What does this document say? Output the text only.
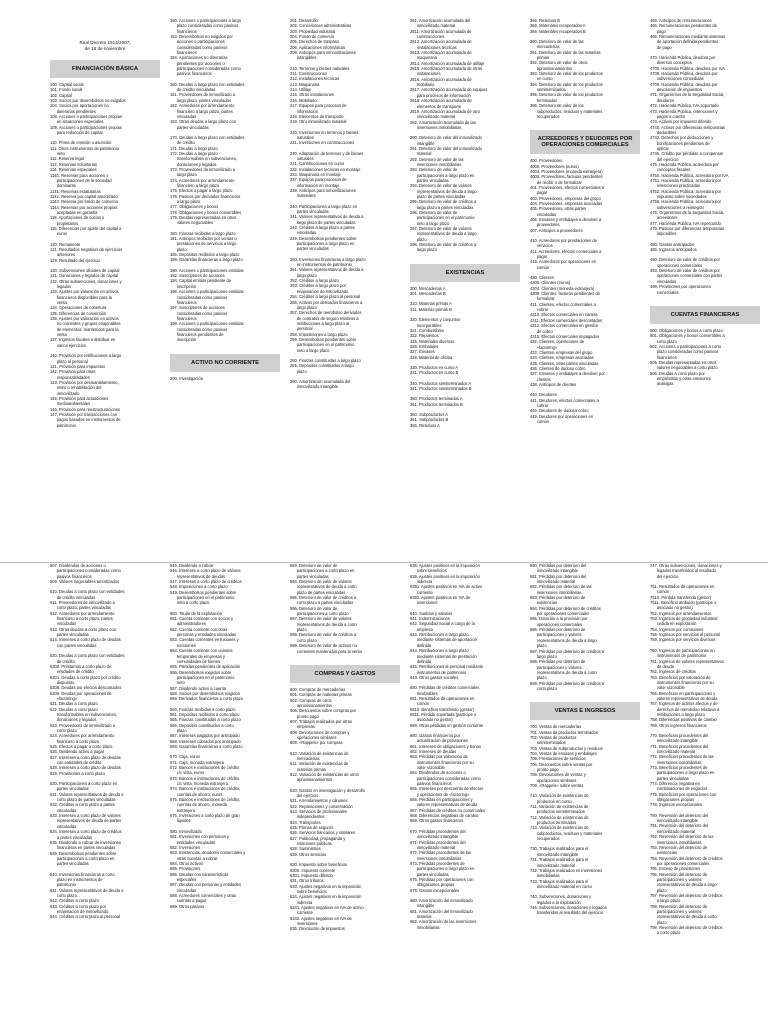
Real Decreto 1514/2007,
de 16 de noviembre
FINANCIACIÓN BÁSICA
100. Capital social
101. Fondo social
102. Capital
103. Socios por desembolsos no exigidos
104. Socios por aportaciones no
dinerarias pendientes
108. Acciones o participaciones propias
en situaciones especiales
109. Acciones o participaciones propias
para reducción de capital
110. Prima de emisión o asunción
111. Otros instrumentos de patrimonio
neto
112. Reserva legal
113. Reservas voluntarias
114. Reservas especiales
1140. Reservas para acciones o
participaciones de la sociedad
dominante
1141. Reservas estatutarias
1142. Reserva por capital amortizado
1143. Reserva por fondo de comercio
1144. Reservas por acciones propias
aceptadas en garantía
118. Aportaciones de socios o
propietarios
119. Diferencias por ajuste del capital a
euros
120. Remanente
121. Resultados negativos de ejercicios
anteriores
129. Resultado del ejercicio
130. Subvenciones oficiales de capital
131. Donaciones y legados de capital
132. Otras subvenciones, donaciones y
legados
133. Ajustes por valoración en activos
financieros disponibles para la
venta
134. Operaciones de cobertura
135. Diferencias de conversión
136. Ajustes por valoración en activos
no corrientes y grupos enajenables
de elementos, mantenidos para la
venta
137. Ingresos fiscales a distribuir en
varios ejercicios
140. Provisión por retribuciones a largo
plazo al personal
141. Provisión para impuestos
142. Provisión para otras
responsabilidades
143. Provisión por desmantelamiento,
retiro o rehabilitación del
inmovilizado
145. Provisión para actuaciones
medioambientales
146. Provisión para reestructuraciones
147. Provisión por transacciones con
pagos basados en instrumentos de
patrimonio
150. Acciones o participaciones a largo
plazo consideradas como pasivos
financieros
153. Desembolsos no exigidos por
acciones o participaciones
consideradas como pasivos
financieros
154. Aportaciones no dinerarias
pendientes por acciones o
participaciones consideradas como
pasivos financieros
160. Deudas a largo plazo con entidades
de crédito vinculadas
161. Proveedores de inmovilizado a
largo plazo, partes vinculadas
162. Acreedores por arrendamiento
financiero a largo plazo, partes
vinculadas
163. Otras deudas a largo plazo con
partes vinculadas
170. Deudas a largo plazo con entidades
de crédito
171. Deudas a largo plazo
172. Deudas a largo plazo
transformables en subvenciones,
donaciones y legados
173. Proveedores de inmovilizado a
largo plazo
174. Acreedores por arrendamiento
financiero a largo plazo
175. Efectos a pagar a largo plazo
176. Pasivos por derivados financieros
a largo plazo
177. Obligaciones y bonos
178. Obligaciones y bonos convertibles
179. Deudas representadas en otros
valores negociables
180. Fianzas recibidas a largo plazo
181. Anticipos recibidos por ventas o
prestaciones de servicios a largo
plazo
185. Depósitos recibidos a largo plazo
189. Garantías financieras a largo plazo
190. Acciones o participaciones emitidas
192. Suscriptores de acciones
194. Capital emitido pendiente de
inscripción
195. Acciones o participaciones emitidas
consideradas como pasivos
financieros
197. Suscriptores de acciones
consideradas como pasivos
financieros
199. Acciones o participaciones emitidas
consideradas como pasivos
financieros pendientes de
inscripción
ACTIVO NO CORRIENTE
200. Investigación
201. Desarrollo
202. Concesiones administrativas
203. Propiedad industrial
204. Fondo de comercio
205. Derechos de traspaso
206. Aplicaciones informáticas
209. Anticipos para inmovilizaciones
intangibles
210. Terrenos y bienes naturales
211. Construcciones
212. Instalaciones técnicas
213. Maquinaria
214. Utillaje
215. Otras instalaciones
216. Mobiliario
217. Equipos para procesos de
información
218. Elementos de transporte
219. Otro inmovilizado material
220. Inversiones en terrenos y bienes
naturales
221. Inversiones en construcciones
230. Adaptación de terrenos y de bienes
naturales
231. Construcciones en curso
232. Instalaciones técnicas en montaje
233. Maquinaria en montaje
237. Equipos para procesos de
información en montaje
239. Anticipos para inmovilizaciones
materiales
240. Participaciones a largo plazo en
partes vinculadas
241. Valores representativos de deuda a
largo plazo de partes vinculadas
242. Créditos a largo plazo a partes
vinculadas
249. Desembolsos pendientes sobre
participaciones a largo plazo en
partes vinculadas
250. Inversiones financieras a largo plazo
en instrumentos de patrimonio
251. Valores representativos de deuda a
largo plazo
252. Créditos a largo plazo
253. Créditos a largo plazo por
enajenación de inmovilizado
254. Créditos a largo plazo al personal
255. Activos por derivados financieros a
largo plazo
257. Derechos de reembolso derivados
de contratos de seguro relativos a
retribuciones a largo plazo al
personal
258. Imposiciones a largo plazo
259. Desembolsos pendientes sobre
participaciones en el patrimonio
neto a largo plazo
260. Fianzas constituidas a largo plazo
265. Depósitos constituidos a largo
plazo
280. Amortización acumulada del
inmovilizado intangible
281. Amortización acumulada del
inmovilizado material
2811. Amortización acumulada de
construcciones
2812. Amortización acumulada de
instalaciones técnicas
2813. Amortización acumulada de
maquinaria
2814. Amortización acumulada de utillaje
2815. Amortización acumulada de otras
instalaciones
2816. Amortización acumulada de
mobiliario
2817. Amortización acumulada de equipos
para procesos de información
2818. Amortización acumulada de
elementos de transporte
2819. Amortización acumulada de otro
inmovilizado material
282. Amortización acumulada de las
inversiones inmobiliarias
290. Deterioro de valor del inmovilizado
intangible
291. Deterioro de valor del inmovilizado
material
292. Deterioro de valor de las
inversiones inmobiliarias
293. Deterioro de valor de
participaciones a largo plazo en
partes vinculadas
294. Deterioro de valor de valores
representativos de deuda a largo
plazo de partes vinculadas
295. Deterioro de valor de créditos a
largo plazo a partes vinculadas
296. Deterioro de valor de
participaciones en el patrimonio
neto a largo plazo
297. Deterioro de valor de valores
representativos de deuda a largo
plazo
298. Deterioro de valor de créditos a
largo plazo
EXISTENCIAS
300. Mercaderías A
301. Mercaderías B
310. Materias primas A
311. Materias primas B
320. Elementos y conjuntos
incorporables
321. Combustibles
322. Repuestos
325. Materiales diversos
326. Embalajes
327. Envases
328. Material de oficina
330. Productos en curso A
331. Productos en curso B
340. Productos semiterminados A
341. Productos semiterminados B
350. Productos terminados A
351. Productos terminados B
360. Subproductos A
361. Subproductos B
365. Residuos A
366. Residuos B
368. Materiales recuperados A
369. Materiales recuperados B
390. Deterioro de valor de las
mercaderías
391. Deterioro de valor de las materias
primas
392. Deterioro de valor de otros
aprovisionamientos
393. Deterioro de valor de los productos
en curso
394. Deterioro de valor de los productos
semiterminados
395. Deterioro de valor de los productos
terminados
396. Deterioro de valor de los
subproductos, residuos y materiales
recuperados
ACREEDORES Y DEUDORES POR OPERACIONES COMERCIALES
400. Proveedores
4000. Proveedores (euros)
4004. Proveedores (moneda extranjera)
4009. Proveedores, facturas pendientes
de recibir o de formalizar
401. Proveedores, efectos comerciales a
pagar
403. Proveedores, empresas del grupo
404. Proveedores, empresas asociadas
405. Proveedores, otras partes
vinculadas
406. Envases y embalajes a devolver a
proveedores
407. Anticipos a proveedores
410. Acreedores por prestaciones de
servicios
411. Acreedores, efectos comerciales a
pagar
419. Acreedores por operaciones en
común
430. Clientes
4300. Clientes (euros)
4304. Clientes (moneda extranjera)
4309. Clientes, facturas pendientes de
formalizar
431. Clientes, efectos comerciales a
cobrar
4310. Efectos comerciales en cartera
4311. Efectos comerciales descontados
4312. Efectos comerciales en gestión
de cobro
4315. Efectos comerciales impagados
432. Clientes, operaciones de
«factoring»
433. Clientes, empresas del grupo
434. Clientes, empresas asociadas
435. Clientes, otras partes vinculadas
436. Clientes de dudoso cobro
437. Envases y embalajes a devolver por
clientes
438. Anticipos de clientes
440. Deudores
441. Deudores, efectos comerciales a
cobrar
446. Deudores de dudoso cobro
449. Deudores por operaciones en
común
465. Anticipos de remuneraciones
466. Remuneraciones pendientes de
pago
466. Remuneraciones mediante sistemas
de aportación definida pendientes
de pago
470. Hacienda Pública, deudora por
diversos conceptos
4700. Hacienda Pública, deudora por IVA
4708. Hacienda Pública, deudora por
subvenciones concedidas
4709. Hacienda Pública, deudora por
devolución de impuestos
471. Organismos de la Seguridad Social,
deudores
472. Hacienda Pública, IVA soportado
473. Hacienda Pública, retenciones y
pagos a cuenta
474. Activos por impuesto diferido
4740. Activos por diferencias temporarias
deducibles
4742. Derechos por deducciones y
bonificaciones pendientes de
aplicar
4745. Crédito por pérdidas a compensar
del ejercicio
475. Hacienda Pública, acreedora por
conceptos fiscales
4750. Hacienda Pública, acreedora por IVA
4751. Hacienda Pública, acreedora por
retenciones practicadas
4752. Hacienda Pública, acreedora por
impuesto sobre sociedades
4758. Hacienda Pública, acreedora por
subvenciones a reintegrar
476. Organismos de la Seguridad Social,
acreedores
477. Hacienda Pública, IVA repercutido
479. Pasivos por diferencias temporarias
imponibles
480. Gastos anticipados
485. Ingresos anticipados
490. Deterioro de valor de créditos por
operaciones comerciales
493. Deterioro de valor de créditos por
operaciones comerciales con partes
vinculadas
499. Provisiones por operaciones
comerciales
CUENTAS FINANCIERAS
500. Obligaciones y bonos a corto plazo
501. Obligaciones y bonos convertibles a
corto plazo
502. Acciones o participaciones a corto
plazo consideradas como pasivos
financieros
505. Deudas representadas en otros
valores negociables a corto plazo
506. Deudas a corto plazo por
empréstitos y otras emisiones
análogas
507. Dividendos de acciones o
participaciones consideradas como
pasivos financieros
509. Valores negociables amortizados
510. Deudas a corto plazo con entidades
de crédito vinculadas
511. Proveedores de inmovilizado a
corto plazo, partes vinculadas
512. Acreedores por arrendamiento
financiero a corto plazo, partes
vinculadas
513. Otras deudas a corto plazo con
partes vinculadas
514. Intereses a corto plazo de deudas
con partes vinculadas
520. Deudas a corto plazo con entidades
de crédito
5200. Préstamos a corto plazo de
entidades de crédito
5201. Deudas a corto plazo por crédito
dispuesto
5208. Deudas por efectos descontados
5209. Deudas por operaciones de
«factoring»
521. Deudas a corto plazo
522. Deudas a corto plazo
transformables en subvenciones,
donaciones y legados
523. Proveedores de inmovilizado a
corto plazo
524. Acreedores por arrendamiento
financiero a corto plazo
525. Efectos a pagar a corto plazo
526. Dividendo activo a pagar
527. Intereses a corto plazo de deudas
con entidades de crédito
528. Intereses a corto plazo de deudas
529. Provisiones a corto plazo
530. Participaciones a corto plazo en
partes vinculadas
531. Valores representativos de deuda a
corto plazo de partes vinculadas
532. Créditos a corto plazo a partes
vinculadas
533. Intereses a corto plazo de valores
representativos de deuda de partes
vinculadas
534. Intereses a corto plazo de créditos
a partes vinculadas
535. Dividendo a cobrar de inversiones
financieras en partes vinculadas
539. Desembolsos pendientes sobre
participaciones a corto plazo en
partes vinculadas
540. Inversiones financieras a corto
plazo en instrumentos de
patrimonio
541. Valores representativos de deuda a
corto plazo
542. Créditos a corto plazo
543. Créditos a corto plazo por
enajenación de inmovilizado
544. Créditos a corto plazo al personal
545. Dividendo a cobrar
546. Intereses a corto plazo de valores
representativos de deudas
547. Intereses a corto plazo de créditos
548. Imposiciones a corto plazo
549. Desembolsos pendientes sobre
participaciones en el patrimonio
neto a corto plazo
550. Titular de la explotación
551. Cuenta corriente con socios y
administradores
552. Cuenta corriente con otras
personas y entidades vinculadas
553. Cuentas corrientes en fusiones y
escisiones
554. Cuenta corriente con uniones
temporales de empresas y
comunidades de bienes
555. Partidas pendientes de aplicación
556. Desembolsos exigidos sobre
participaciones en el patrimonio
neto
557. Dividendo activo a cuenta
558. Socios por desembolsos exigidos
559. Derivados financieros a corto plazo
560. Fianzas recibidas a corto plazo
561. Depósitos recibidos a corto plazo
565. Fianzas constituidas a corto plazo
566. Depósitos constituidos a corto
plazo
567. Intereses pagados por anticipado
568. Intereses cobrados por anticipado
569. Garantías financieras a corto plazo
570. Caja, euros
571. Caja, moneda extranjera
572. Bancos e instituciones de crédito
c/c vista, euros
573. Bancos e instituciones de crédito
c/c vista, moneda extranjera
574. Bancos e instituciones de crédito,
cuentas de ahorro, euros
575. Bancos e instituciones de crédito,
cuentas de ahorro, moneda
extranjera
576. Inversiones a corto plazo de gran
liquidez
580. Inmovilizado
581. Inversiones con personas y
entidades vinculadas
582. Inversiones
583. Existencias, deudores comerciales y
otras cuentas a cobrar
584. Otros activos
585. Provisiones
586. Deudas con características
especiales
587. Deudas con personas y entidades
vinculadas
588. Acreedores comerciales y otras
cuentas a pagar
589. Otros pasivos
593. Deterioro de valor de
participaciones a corto plazo en
partes vinculadas
594. Deterioro de valor de valores
representativos de deuda a corto
plazo de partes vinculadas
595. Deterioro de valor de créditos a
corto plazo a partes vinculadas
596. Deterioro de valor de
participaciones a corto plazo
597. Deterioro de valor de valores
representativos de deuda a corto
plazo
598. Deterioro de valor de créditos a
corto plazo
599. Deterioro de valor de activos no
corrientes mantenidos para la venta
COMPRAS Y GASTOS
600. Compras de mercaderías
601. Compras de materias primas
602. Compras de otros
aprovisionamientos
606. Descuentos sobre compras por
pronto pago
607. Trabajos realizados por otras
empresas
608. Devoluciones de compras y
operaciones similares
609. «Rappels» por compras
610. Variación de existencias de
mercaderías
611. Variación de existencias de
materias primas
612. Variación de existencias de otros
aprovisionamientos
620. Gastos en investigación y desarrollo
del ejercicio
621. Arrendamientos y cánones
622. Reparaciones y conservación
623. Servicios de profesionales
independientes
624. Transportes
625. Primas de seguros
626. Servicios bancarios y similares
627. Publicidad, propaganda y
relaciones públicas
628. Suministros
629. Otros servicios
630. Impuesto sobre beneficios
6300. Impuesto corriente
6301. Impuesto diferido
631. Otros tributos
633. Ajustes negativos en la imposición
sobre beneficios
634. Ajustes negativos en la imposición
indirecta
6341. Ajustes negativos en IVA de activo
corriente
6342. Ajustes negativos en IVA de
inversiones
636. Devolución de impuestos
638. Ajustes positivos en la imposición
sobre beneficios
639. Ajustes positivos en la imposición
indirecta
6391. Ajustes positivos en IVA de activo
corriente
6392. Ajustes positivos en IVA de
inversiones
640. Sueldos y salarios
641. Indemnizaciones
642. Seguridad Social a cargo de la
empresa
643. Retribuciones a largo plazo
mediante sistemas de aportación
definida
644. Retribuciones a largo plazo
mediante sistemas de prestación
definida
645. Retribuciones al personal mediante
instrumentos de patrimonio
649. Otros gastos sociales
650. Pérdidas de créditos comerciales
incobrables
651. Resultados de operaciones en
común
6510. Beneficio transferido (gestor)
6511. Pérdida soportada (partícipe o
asociado no gestor)
659. Otras pérdidas en gestión corriente
660. Gastos financieros por
actualización de provisiones
661. Intereses de obligaciones y bonos
662. Intereses de deudas
663. Pérdidas por valoración de
instrumentos financieros por su
valor razonable
664. Dividendos de acciones o
participaciones consideradas como
pasivos financieros
665. Intereses por descuento de efectos
y operaciones de «factoring»
666. Pérdidas en participaciones y
valores representativos de deuda
667. Pérdidas de créditos no comerciales
668. Diferencias negativas de cambio
669. Otros gastos financieros
670. Pérdidas procedentes del
inmovilizado intangible
671. Pérdidas procedentes del
inmovilizado material
672. Pérdidas procedentes de las
inversiones inmobiliarias
673. Pérdidas procedentes de
participaciones a largo plazo en
partes vinculadas
675. Pérdidas por operaciones con
obligaciones propias
678. Gastos excepcionales
680. Amortización del inmovilizado
intangible
681. Amortización del inmovilizado
material
682. Amortización de las inversiones
inmobiliarias
690. Pérdidas por deterioro del
inmovilizado intangible
691. Pérdidas por deterioro del
inmovilizado material
692. Pérdidas por deterioro de las
inversiones inmobiliarias
693. Pérdidas por deterioro de
existencias
694. Pérdidas por deterioro de créditos
por operaciones comerciales
695. Dotación a la provisión por
operaciones comerciales
696. Pérdidas por deterioro de
participaciones y valores
representativos de deuda a largo
plazo
697. Pérdidas por deterioro de créditos a
largo plazo
698. Pérdidas por deterioro de
participaciones y valores
representativos de deuda a corto
plazo
699. Pérdidas por deterioro de créditos a
corto plazo
VENTAS E INGRESOS
700. Ventas de mercaderías
701. Ventas de productos terminados
702. Ventas de productos
semiterminados
703. Ventas de subproductos y residuos
704. Ventas de envases y embalajes
705. Prestaciones de servicios
706. Descuentos sobre ventas por
pronto pago
708. Devoluciones de ventas y
operaciones similares
709. «Rappels» sobre ventas
710. Variación de existencias de
productos en curso
711. Variación de existencias de
productos semiterminados
712. Variación de existencias de
productos terminados
713. Variación de existencias de
subproductos, residuos y materiales
recuperados
730. Trabajos realizados para el
inmovilizado intangible
731. Trabajos realizados para el
inmovilizado material
732. Trabajos realizados en inversiones
inmobiliarias
733. Trabajos realizados para el
inmovilizado material en curso
740. Subvenciones, donaciones y
legados a la explotación
746. Subvenciones, donaciones y legados
transferidos al resultado del ejercicio
747. Otras subvenciones, donaciones y
legados transferidos al resultado
del ejercicio
751. Resultados de operaciones en
común
7510. Pérdida transferida (gestor)
7511. Beneficio atribuido (partícipe o
asociado no gestor)
752. Ingresos por arrendamientos
753. Ingresos de propiedad industrial
cedida en explotación
754. Ingresos por comisiones
755. Ingresos por servicios al personal
759. Ingresos por servicios diversos
760. Ingresos de participaciones en
instrumentos de patrimonio
761. Ingresos de valores representativos
de deuda
762. Ingresos de créditos
763. Beneficios por valoración de
instrumentos financieros por su
valor razonable
766. Beneficios en participaciones y
valores representativos de deuda
767. Ingresos de activos afectos y de
derechos de reembolso relativos a
retribuciones a largo plazo
768. Diferencias positivas de cambio
769. Otros ingresos financieros
770. Beneficios procedentes del
inmovilizado intangible
771. Beneficios procedentes del
inmovilizado material
772. Beneficios procedentes de las
inversiones inmobiliarias
773. Beneficios procedentes de
participaciones a largo plazo en
partes vinculadas
774. Diferencia negativa en
combinaciones de negocios
775. Beneficios por operaciones con
obligaciones propias
778. Ingresos excepcionales
790. Reversión del deterioro del
inmovilizado intangible
791. Reversión del deterioro del
inmovilizado material
792. Reversión del deterioro de las
inversiones inmobiliarias
793. Reversión del deterioro de
existencias
794. Reversión del deterioro de créditos
por operaciones comerciales
795. Exceso de provisiones
796. Reversión del deterioro de
participaciones y valores
representativos de deuda a largo
plazo
797. Reversión del deterioro de créditos
a largo plazo
798. Reversión del deterioro de
participaciones y valores
representativos de deuda a corto
plazo
799. Reversión del deterioro de créditos
a corto plazo
